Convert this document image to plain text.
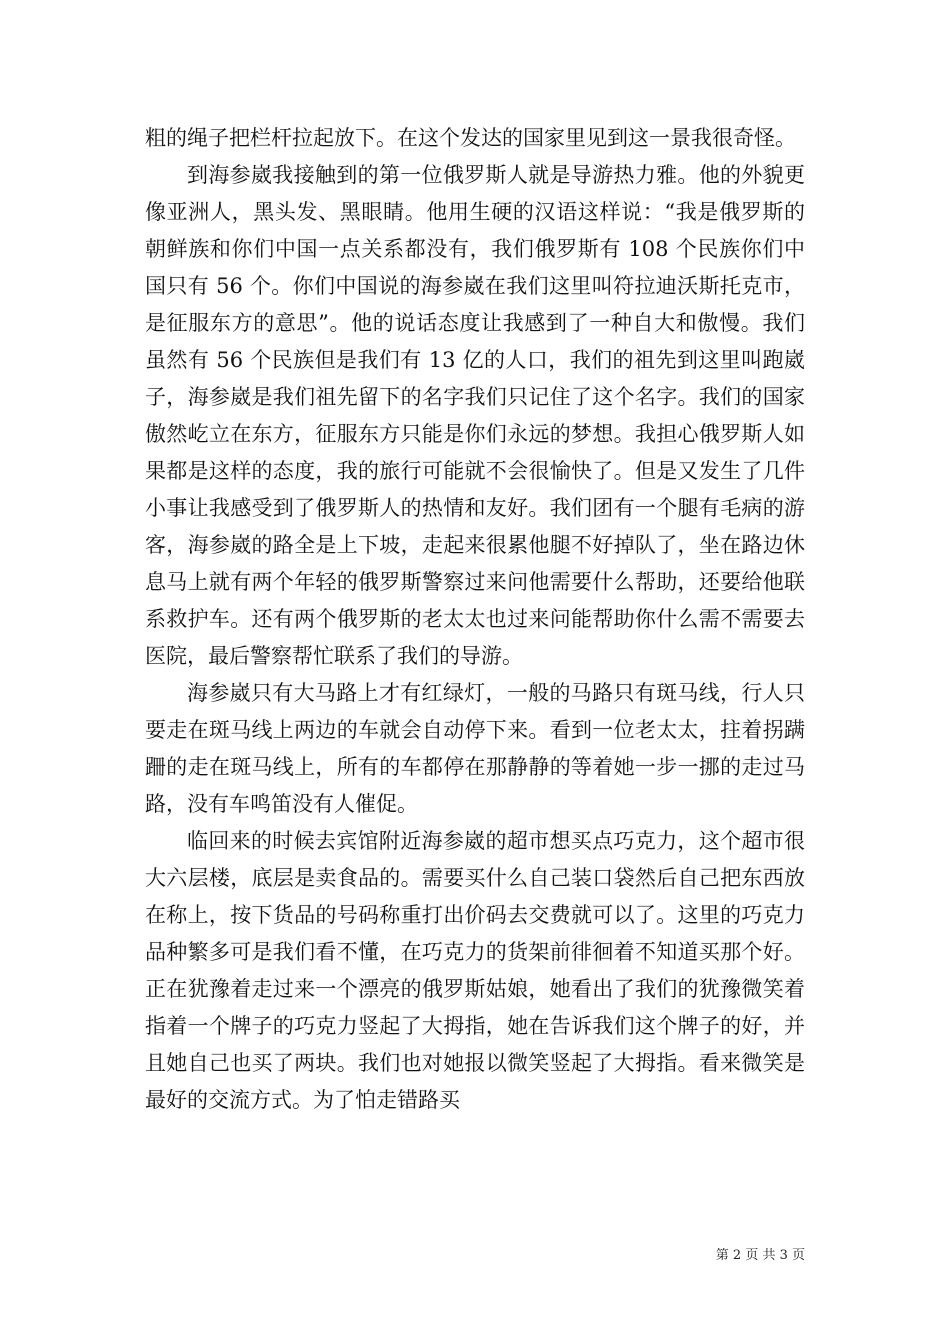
粗的绳子把栏杆拉起放下。在这个发达的国家里见到这一景我很奇怪。

到海参崴我接触到的第一位俄罗斯人就是导游热力雅。他的外貌更像亚洲人，黑头发、黑眼睛。他用生硬的汉语这样说：“我是俄罗斯的朝鲜族和你们中国一点关系都没有，我们俄罗斯有 108 个民族你们中国只有 56 个。你们中国说的海参崴在我们这里叫符拉迪沃斯托克市，是征服东方的意思”。他的说话态度让我感到了一种自大和傲慢。我们虽然有 56 个民族但是我们有 13 亿的人口，我们的祖先到这里叫跑崴子，海参崴是我们祖先留下的名字我们只记住了这个名字。我们的国家傲然屹立在东方，征服东方只能是你们永远的梦想。我担心俄罗斯人如果都是这样的态度，我的旅行可能就不会很愉快了。但是又发生了几件小事让我感受到了俄罗斯人的热情和友好。我们团有一个腿有毛病的游客，海参崴的路全是上下坡，走起来很累他腿不好掉队了，坐在路边休息马上就有两个年轻的俄罗斯警察过来问他需要什么帮助，还要给他联系救护车。还有两个俄罗斯的老太太也过来问能帮助你什么需不需要去医院，最后警察帮忙联系了我们的导游。

海参崴只有大马路上才有红绿灯，一般的马路只有斑马线，行人只要走在斑马线上两边的车就会自动停下来。看到一位老太太，拄着拐蹒跚的走在斑马线上，所有的车都停在那静静的等着她一步一挪的走过马路，没有车鸣笛没有人催促。

临回来的时候去宾馆附近海参崴的超市想买点巧克力，这个超市很大六层楼，底层是卖食品的。需要买什么自己装口袋然后自己把东西放在称上，按下货品的号码称重打出价码去交费就可以了。这里的巧克力品种繁多可是我们看不懂，在巧克力的货架前徘徊着不知道买那个好。正在犹豫着走过来一个漂亮的俄罗斯姑娘，她看出了我们的犹豫微笑着指着一个牌子的巧克力竖起了大拇指，她在告诉我们这个牌子的好，并且她自己也买了两块。我们也对她报以微笑竖起了大拇指。看来微笑是最好的交流方式。为了怕走错路买

第 2 页 共 3 页
